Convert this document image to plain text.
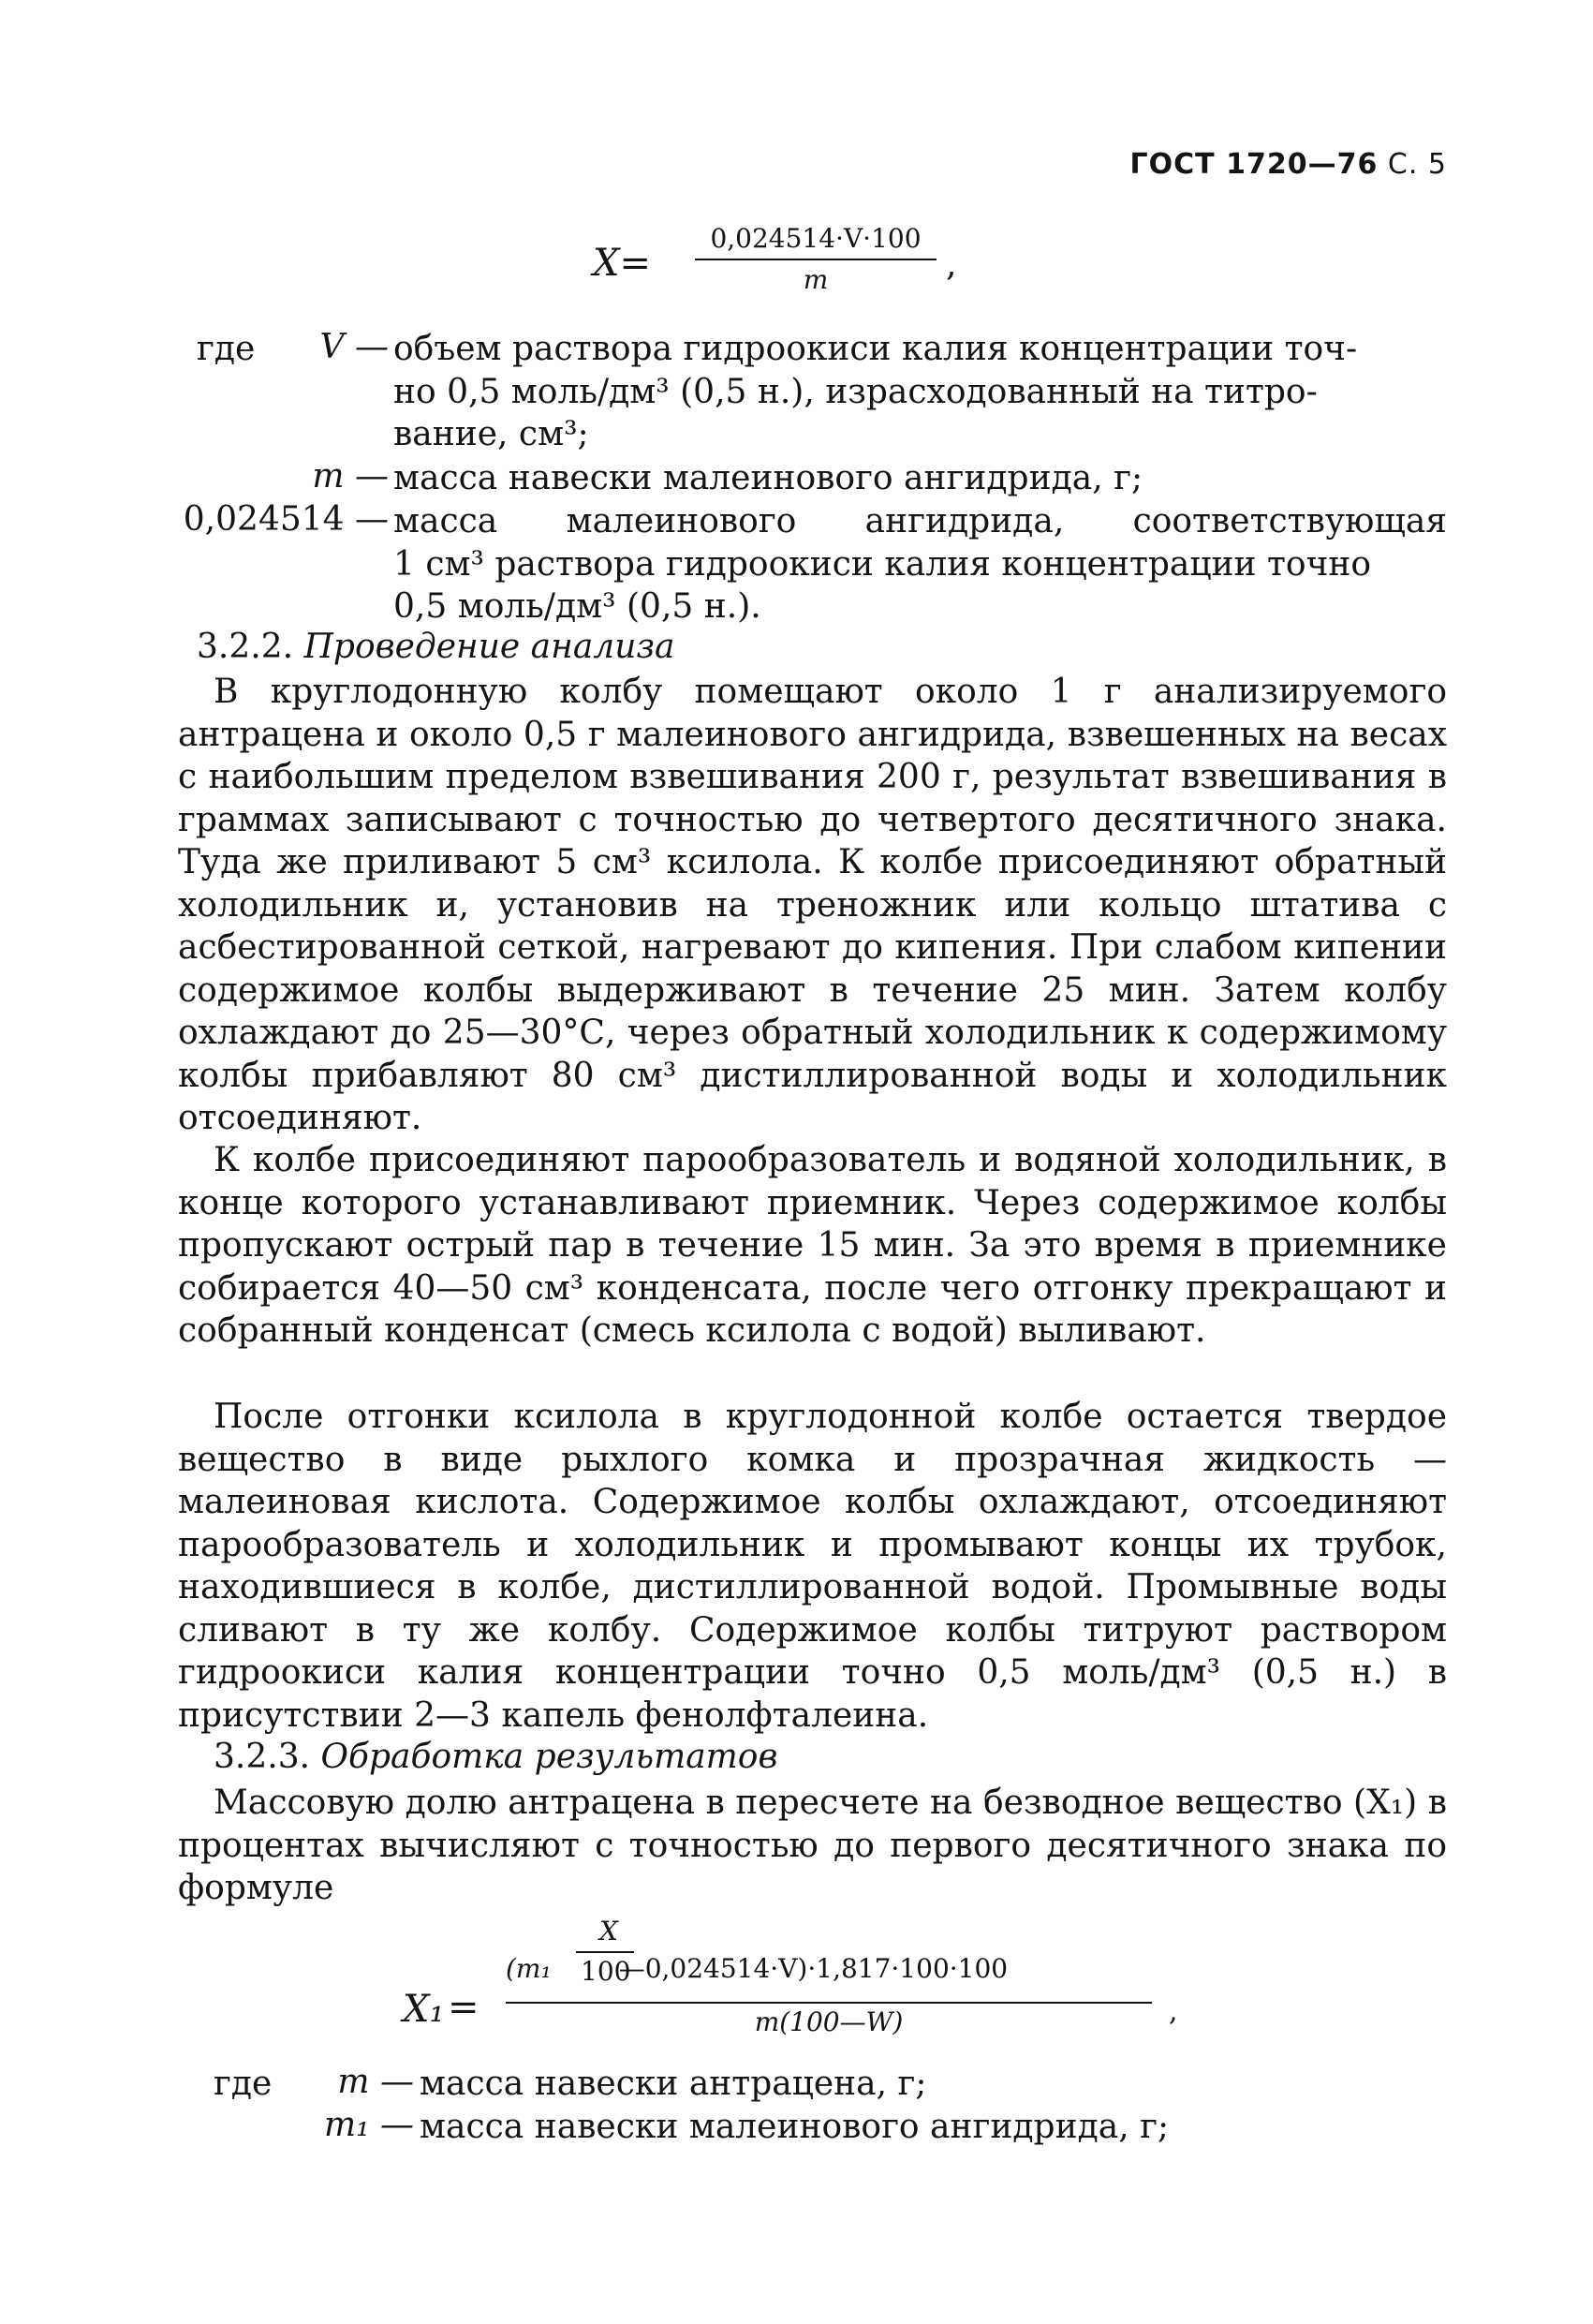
ГОСТ 1720—76 С. 5
X=
0,024514·V·100
m	,
где	V — объем раствора гидроокиси калия концентрации точ-
но 0,5 моль/дм³ (0,5 н.), израсходованный на титро-
вание, см³;
m — масса навески малеинового ангидрида, г;
0,024514 — масса малеинового ангидрида, соответствующая
1 см³ раствора гидроокиси калия концентрации точно
0,5 моль/дм³ (0,5 н.).
3.2.2. Проведение анализа
В круглодонную колбу помещают около 1 г анализируемого антрацена и около 0,5 г малеинового ангидрида, взвешенных на весах с наибольшим пределом взвешивания 200 г, результат взвешивания в граммах записывают с точностью до четвертого десятичного знака. Туда же приливают 5 см³ ксилола. К колбе присоединяют обратный холодильник и, установив на треножник или кольцо штатива с асбестированной сеткой, нагревают до кипения. При слабом кипении содержимое колбы выдерживают в течение 25 мин. Затем колбу охлаждают до 25—30°С, через обратный холодильник к содержимому колбы прибавляют 80 см³ дистиллированной воды и холодильник отсоединяют.
К колбе присоединяют парообразователь и водяной холодильник, в конце которого устанавливают приемник. Через содержимое колбы пропускают острый пар в течение 15 мин. За это время в приемнике собирается 40—50 см³ конденсата, после чего отгонку прекращают и собранный конденсат (смесь ксилола с водой) выливают.
После отгонки ксилола в круглодонной колбе остается твердое вещество в виде рыхлого комка и прозрачная жидкость — малеиновая кислота. Содержимое колбы охлаждают, отсоединяют парообразователь и холодильник и промывают концы их трубок, находившиеся в колбе, дистиллированной водой. Промывные воды сливают в ту же колбу. Содержимое колбы титруют раствором гидроокиси калия концентрации точно 0,5 моль/дм³ (0,5 н.) в присутствии 2—3 капель фенолфталеина.
3.2.3. Обработка результатов
Массовую долю антрацена в пересчете на безводное вещество (X₁) в процентах вычисляют с точностью до первого десятичного знака по формуле
X₁ =
X
(m₁	—0,024514·V)·1,817·100·100
100
m(100—W)	,
где	m — масса навески антрацена, г;
m₁ — масса навески малеинового ангидрида, г;
